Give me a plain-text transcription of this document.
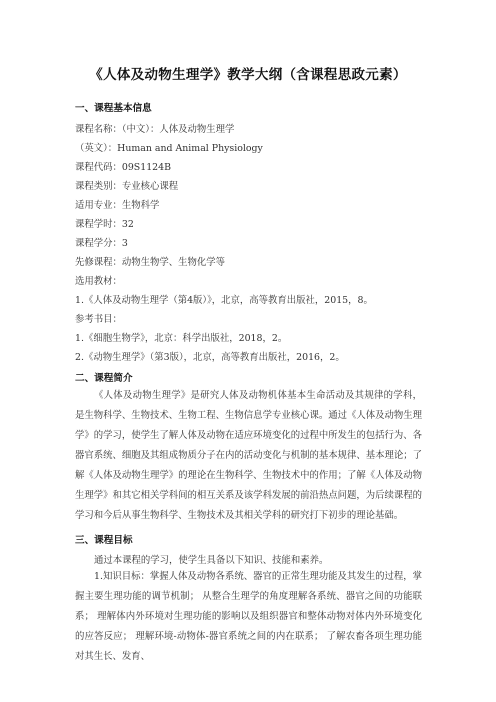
《人体及动物生理学》教学大纲（含课程思政元素）
一、课程基本信息
课程名称：（中文）：人体及动物生理学
（英文）：Human and Animal Physiology
课程代码：09S1124B
课程类别：专业核心课程
适用专业：生物科学
课程学时：32
课程学分：3
先修课程：动物生物学、生物化学等
选用教材：
1.《人体及动物生理学（第4版）》，北京，高等教育出版社，2015，8。
参考书目：
1.《细胞生物学》，北京：科学出版社，2018，2。
2.《动物生理学》（第3版），北京，高等教育出版社，2016，2。
二、课程简介
《人体及动物生理学》是研究人体及动物机体基本生命活动及其规律的学科，是生物科学、生物技术、生物工程、生物信息学专业核心课。通过《人体及动物生理学》的学习，使学生了解人体及动物在适应环境变化的过程中所发生的包括行为、各器官系统、细胞及其组成物质分子在内的活动变化与机制的基本规律、基本理论；了解《人体及动物生理学》的理论在生物科学、生物技术中的作用；了解《人体及动物生理学》和其它相关学科间的相互关系及该学科发展的前沿热点问题，为后续课程的学习和今后从事生物科学、生物技术及其相关学科的研究打下初步的理论基础。
三、课程目标
通过本课程的学习，使学生具备以下知识、技能和素养。
1.知识目标：掌握人体及动物各系统、器官的正常生理功能及其发生的过程，掌握主要生理功能的调节机制； 从整合生理学的角度理解各系统、器官之间的功能联系； 理解体内外环境对生理功能的影响以及组织器官和整体动物对体内外环境变化的应答反应； 理解环境-动物体-器官系统之间的内在联系； 了解农畜各项生理功能对其生长、发育、
